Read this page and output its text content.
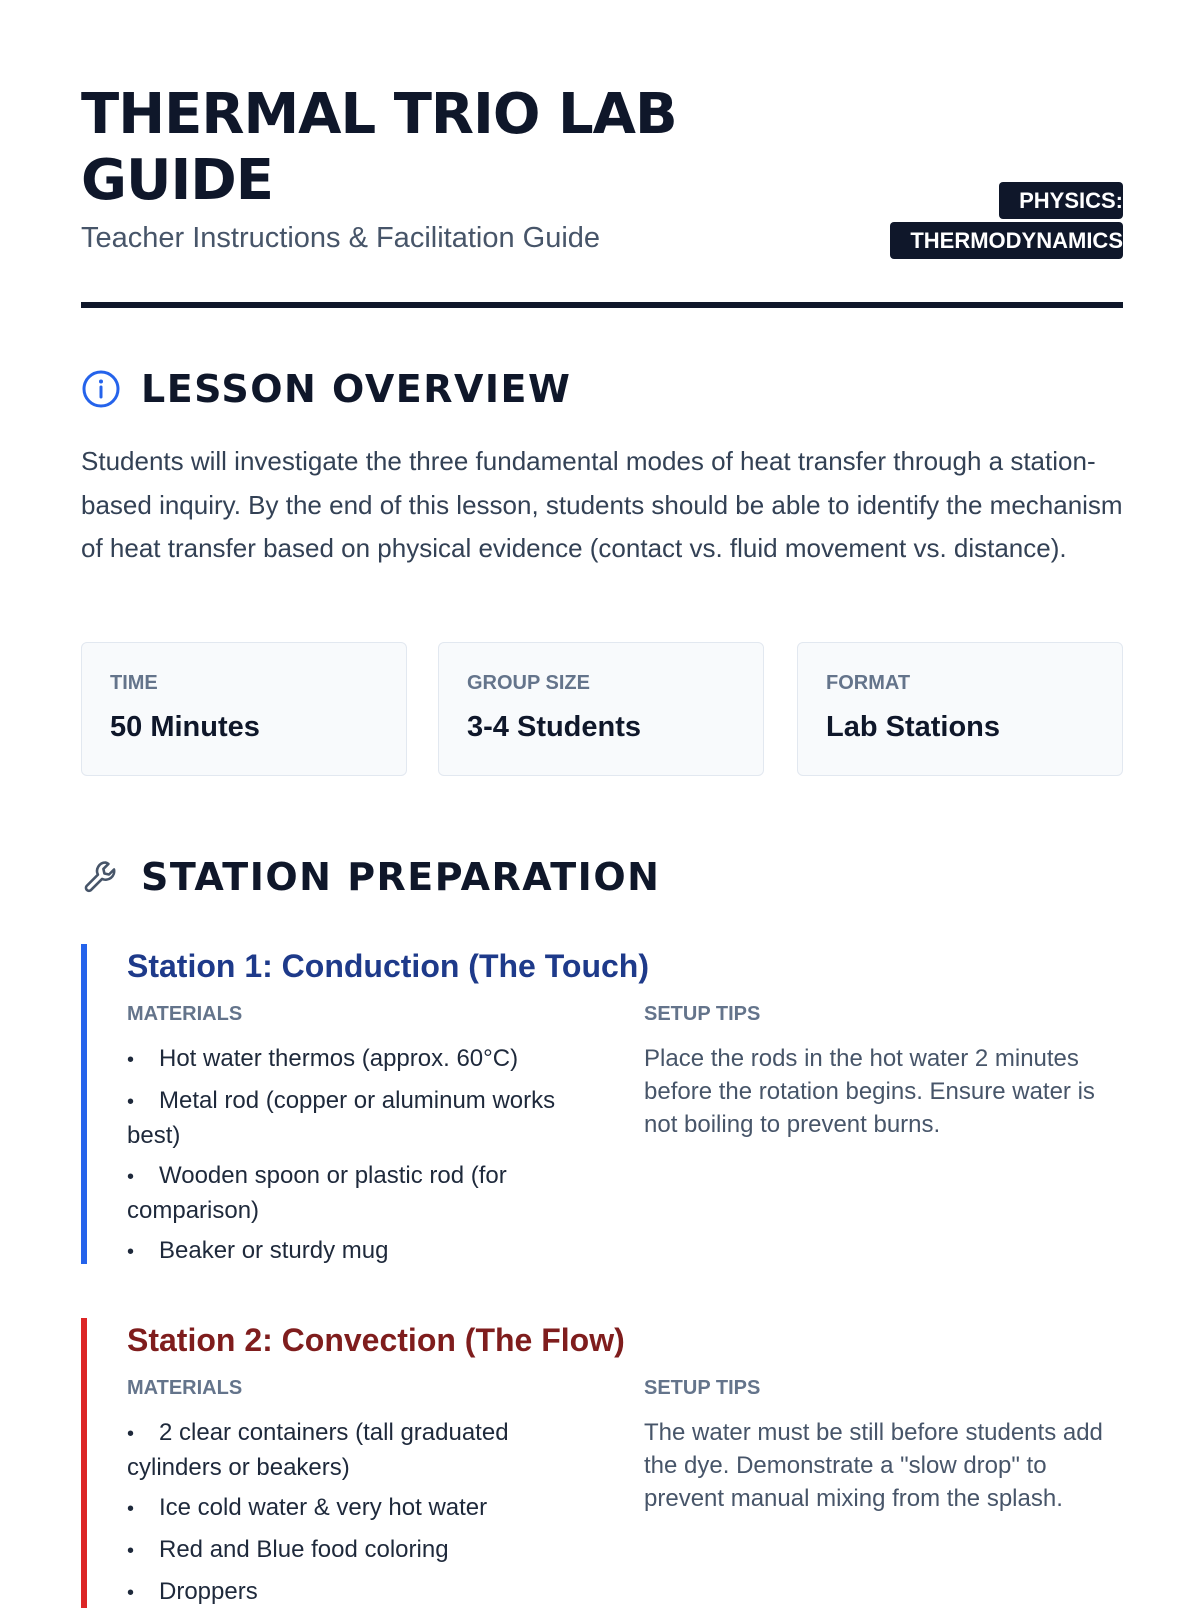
THERMAL TRIO LAB GUIDE

Teacher Instructions & Facilitation Guide

PHYSICS: THERMODYNAMICS
LESSON OVERVIEW

Students will investigate the three fundamental modes of heat transfer through a station-based inquiry. By the end of this lesson, students should be able to identify the mechanism of heat transfer based on physical evidence (contact vs. fluid movement vs. distance).

TIME
50 Minutes
GROUP SIZE
3-4 Students
FORMAT
Lab Stations
STATION PREPARATION
Station 1: Conduction (The Touch)
MATERIALS
• Hot water thermos (approx. 60°C)
• Metal rod (copper or aluminum works best)
• Wooden spoon or plastic rod (for comparison)
• Beaker or sturdy mug
SETUP TIPS

Place the rods in the hot water 2 minutes before the rotation begins. Ensure water is not boiling to prevent burns.

Station 2: Convection (The Flow)
MATERIALS
• 2 clear containers (tall graduated cylinders or beakers)
• Ice cold water & very hot water
• Red and Blue food coloring
• Droppers
SETUP TIPS

The water must be still before students add the dye. Demonstrate a "slow drop" to prevent manual mixing from the splash.
